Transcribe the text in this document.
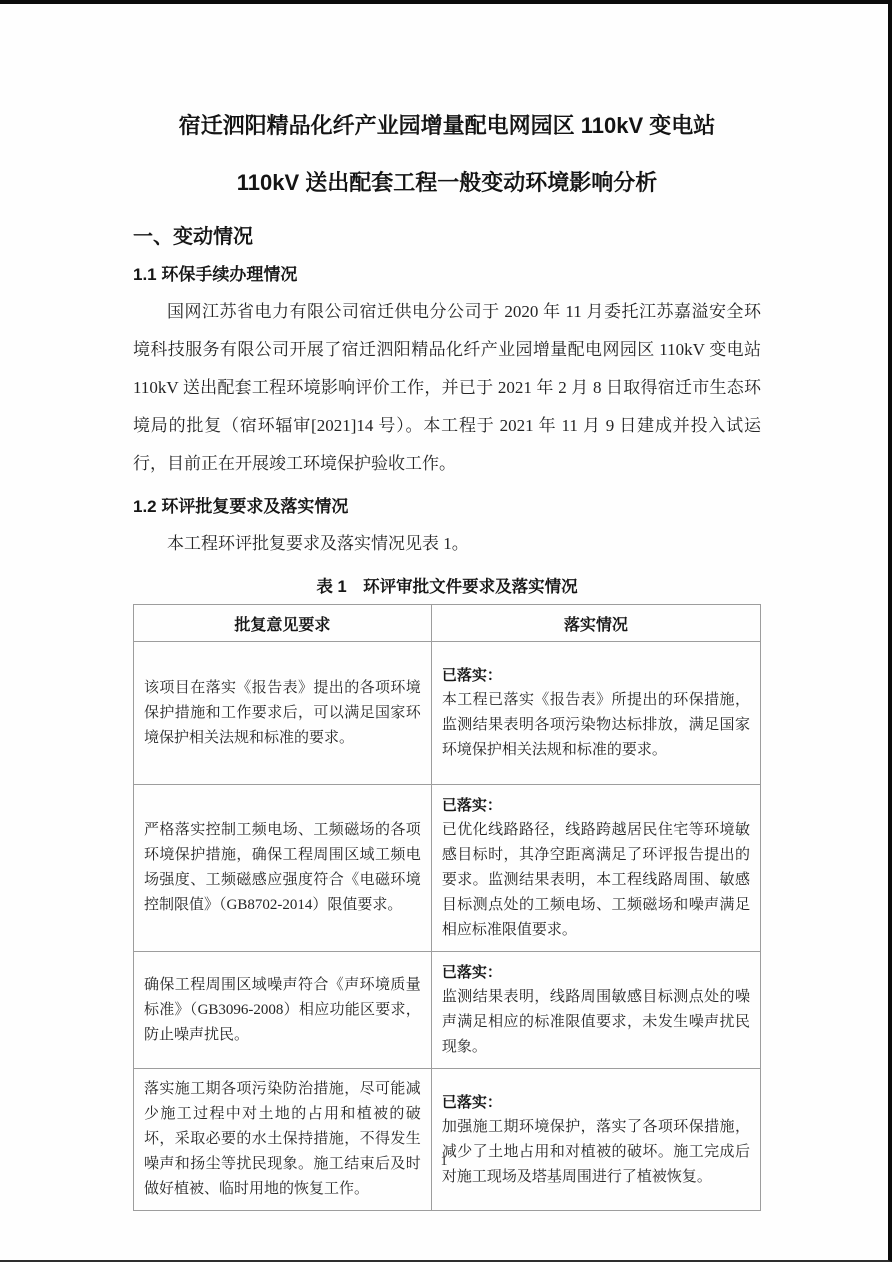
宿迁泗阳精品化纤产业园增量配电网园区 110kV 变电站
110kV 送出配套工程一般变动环境影响分析
一、变动情况
1.1 环保手续办理情况

国网江苏省电力有限公司宿迁供电分公司于 2020 年 11 月委托江苏嘉溢安全环境科技服务有限公司开展了宿迁泗阳精品化纤产业园增量配电网园区 110kV 变电站 110kV 送出配套工程环境影响评价工作，并已于 2021 年 2 月 8 日取得宿迁市生态环境局的批复（宿环辐审[2021]14 号）。本工程于 2021 年 11 月 9 日建成并投入试运行，目前正在开展竣工环境保护验收工作。

1.2 环评批复要求及落实情况

本工程环评批复要求及落实情况见表 1。

表 1　环评审批文件要求及落实情况
批复意见要求	落实情况
该项目在落实《报告表》提出的各项环境保护措施和工作要求后，可以满足国家环境保护相关法规和标准的要求。	已落实：
本工程已落实《报告表》所提出的环保措施，监测结果表明各项污染物达标排放，满足国家环境保护相关法规和标准的要求。

严格落实控制工频电场、工频磁场的各项环境保护措施，确保工程周围区域工频电场强度、工频磁感应强度符合《电磁环境控制限值》（GB8702-2014）限值要求。	已落实：
已优化线路路径，线路跨越居民住宅等环境敏感目标时，其净空距离满足了环评报告提出的要求。监测结果表明，本工程线路周围、敏感目标测点处的工频电场、工频磁场和噪声满足相应标准限值要求。

确保工程周围区域噪声符合《声环境质量标准》（GB3096-2008）相应功能区要求，防止噪声扰民。	已落实：
监测结果表明，线路周围敏感目标测点处的噪声满足相应的标准限值要求，未发生噪声扰民现象。

落实施工期各项污染防治措施，尽可能减少施工过程中对土地的占用和植被的破坏，采取必要的水土保持措施，不得发生噪声和扬尘等扰民现象。施工结束后及时做好植被、临时用地的恢复工作。	已落实：
加强施工期环境保护，落实了各项环保措施，减少了土地占用和对植被的破坏。施工完成后对施工现场及塔基周围进行了植被恢复。
1
